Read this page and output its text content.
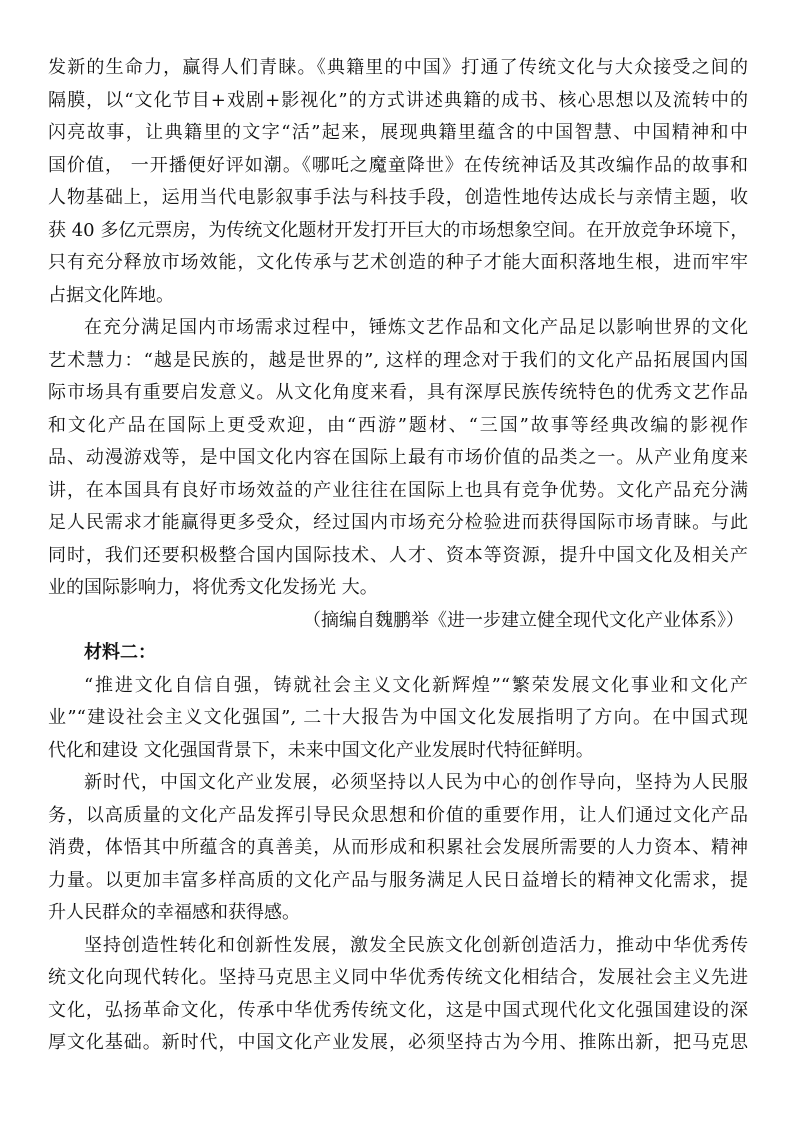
发新的生命力，赢得人们青睐。《典籍里的中国》打通了传统文化与大众接受之间的
隔膜，以“文化节目+戏剧+影视化”的方式讲述典籍的成书、核心思想以及流转中的
闪亮故事，让典籍里的文字“活”起来，展现典籍里蕴含的中国智慧、中国精神和中
国价值， 一开播便好评如潮。《哪吒之魔童降世》在传统神话及其改编作品的故事和
人物基础上，运用当代电影叙事手法与科技手段，创造性地传达成长与亲情主题，收
获 40 多亿元票房，为传统文化题材开发打开巨大的市场想象空间。在开放竞争环境下，
只有充分释放市场效能，文化传承与艺术创造的种子才能大面积落地生根，进而牢牢
占据文化阵地。
在充分满足国内市场需求过程中，锤炼文艺作品和文化产品足以影响世界的文化
艺术慧力：“越是民族的，越是世界的”, 这样的理念对于我们的文化产品拓展国内国
际市场具有重要启发意义。从文化角度来看，具有深厚民族传统特色的优秀文艺作品
和文化产品在国际上更受欢迎，由“西游”题材、“三国”故事等经典改编的影视作
品、动漫游戏等，是中国文化内容在国际上最有市场价值的品类之一。从产业角度来
讲，在本国具有良好市场效益的产业往往在国际上也具有竞争优势。文化产品充分满
足人民需求才能赢得更多受众，经过国内市场充分检验进而获得国际市场青睐。与此
同时，我们还要积极整合国内国际技术、人才、资本等资源，提升中国文化及相关产
业的国际影响力，将优秀文化发扬光 大。
（摘编自魏鹏举《进一步建立健全现代文化产业体系》）
材料二：
“推进文化自信自强，铸就社会主义文化新辉煌”“繁荣发展文化事业和文化产
业”“建设社会主义文化强国”, 二十大报告为中国文化发展指明了方向。在中国式现
代化和建设 文化强国背景下，未来中国文化产业发展时代特征鲜明。
新时代，中国文化产业发展，必须坚持以人民为中心的创作导向，坚持为人民服
务，以高质量的文化产品发挥引导民众思想和价值的重要作用，让人们通过文化产品
消费，体悟其中所蕴含的真善美，从而形成和积累社会发展所需要的人力资本、精神
力量。以更加丰富多样高质的文化产品与服务满足人民日益增长的精神文化需求，提
升人民群众的幸福感和获得感。
坚持创造性转化和创新性发展，激发全民族文化创新创造活力，推动中华优秀传
统文化向现代转化。坚持马克思主义同中华优秀传统文化相结合，发展社会主义先进
文化，弘扬革命文化，传承中华优秀传统文化，这是中国式现代化文化强国建设的深
厚文化基础。新时代，中国文化产业发展，必须坚持古为今用、推陈出新，把马克思
